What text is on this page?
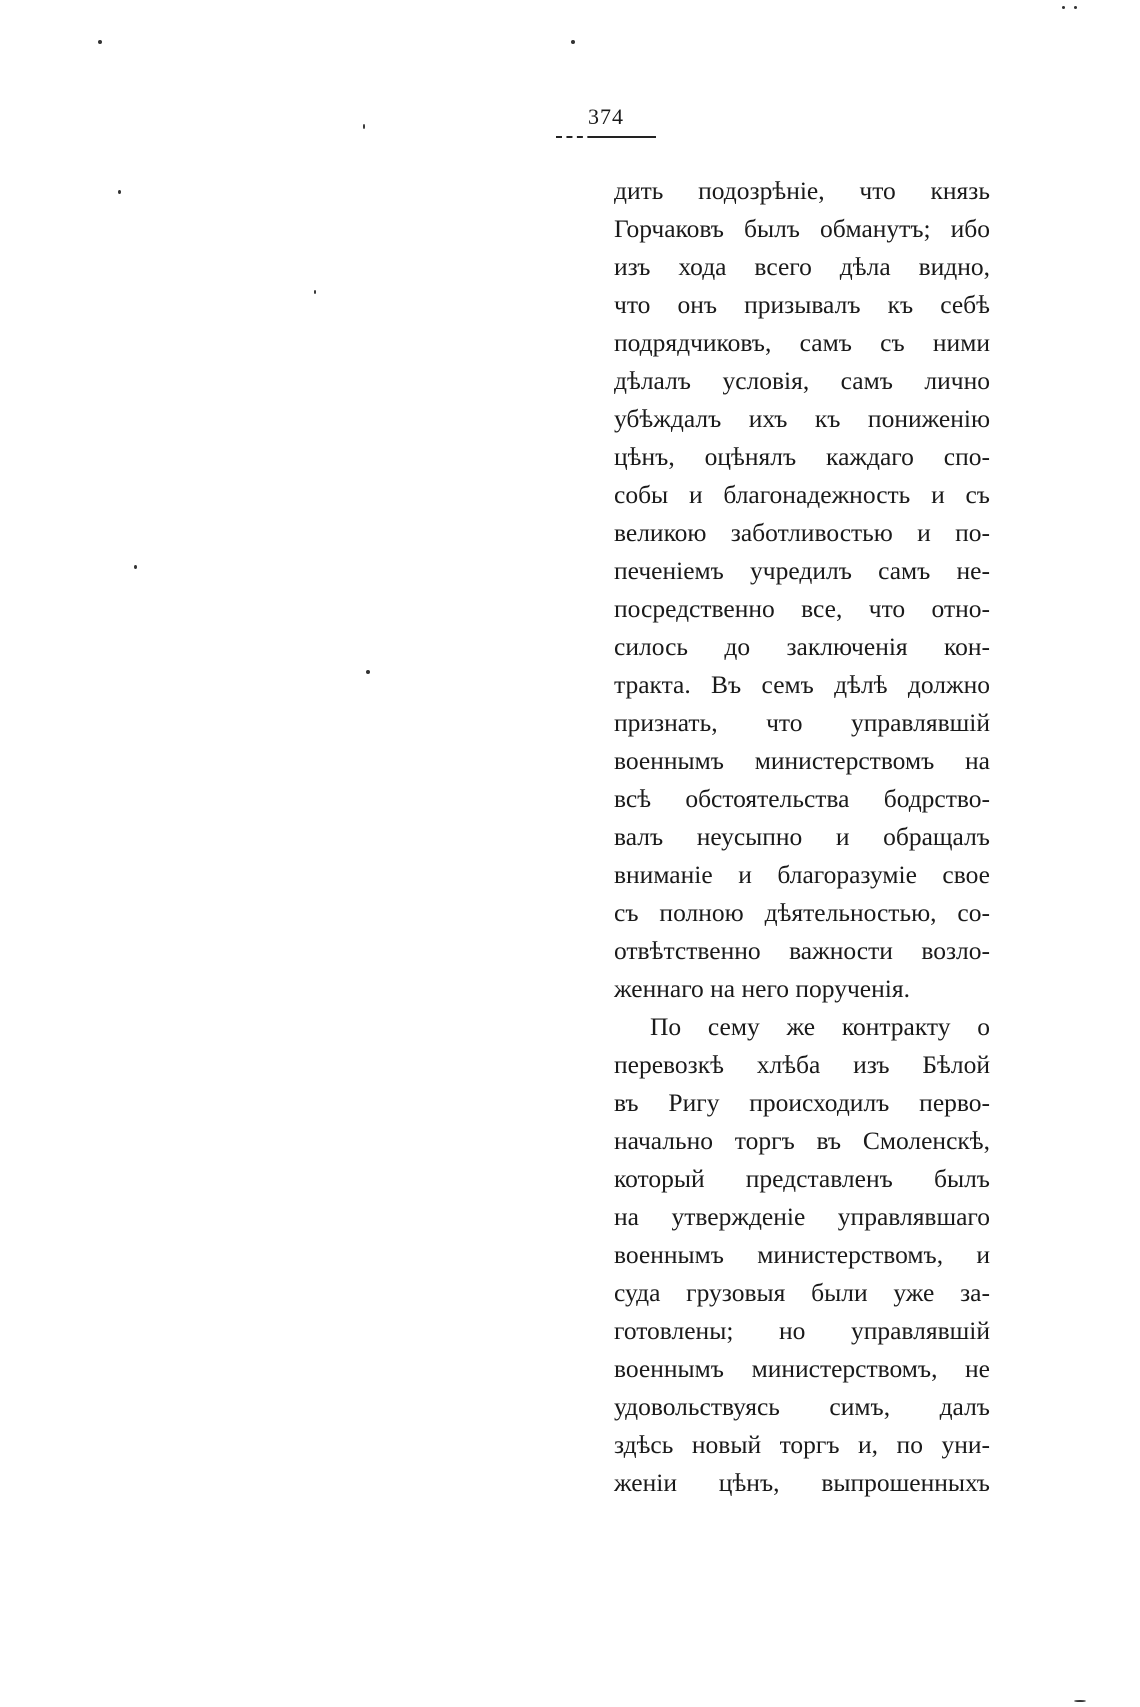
374
дить подозрѣніе, что князь
Горчаковъ былъ обманутъ; ибо
изъ хода всего дѣла видно,
что онъ призывалъ къ себѣ
подрядчиковъ, самъ съ ними
дѣлалъ условія, самъ лично
убѣждалъ ихъ къ пониженію
цѣнъ, оцѣнялъ каждаго спо-
собы и благонадежность и съ
великою заботливостью и по-
печеніемъ учредилъ самъ не-
посредственно все, что отно-
силось до заключенія кон-
тракта. Въ семъ дѣлѣ должно
признать, что управлявшій
военнымъ министерствомъ на
всѣ обстоятельства бодрство-
валъ неусыпно и обращалъ
вниманіе и благоразуміе свое
съ полною дѣятельностью, со-
отвѣтственно важности возло-
женнаго на него порученія.
По сему же контракту о
перевозкѣ хлѣба изъ Бѣлой
въ Ригу происходилъ перво-
начально торгъ въ Смоленскѣ,
который представленъ былъ
на утвержденіе управлявшаго
военнымъ министерствомъ, и
суда грузовыя были уже за-
готовлены; но управлявшій
военнымъ министерствомъ, не
удовольствуясь симъ, далъ
здѣсь новый торгъ и, по уни-
женіи цѣнъ, выпрошенныхъ
